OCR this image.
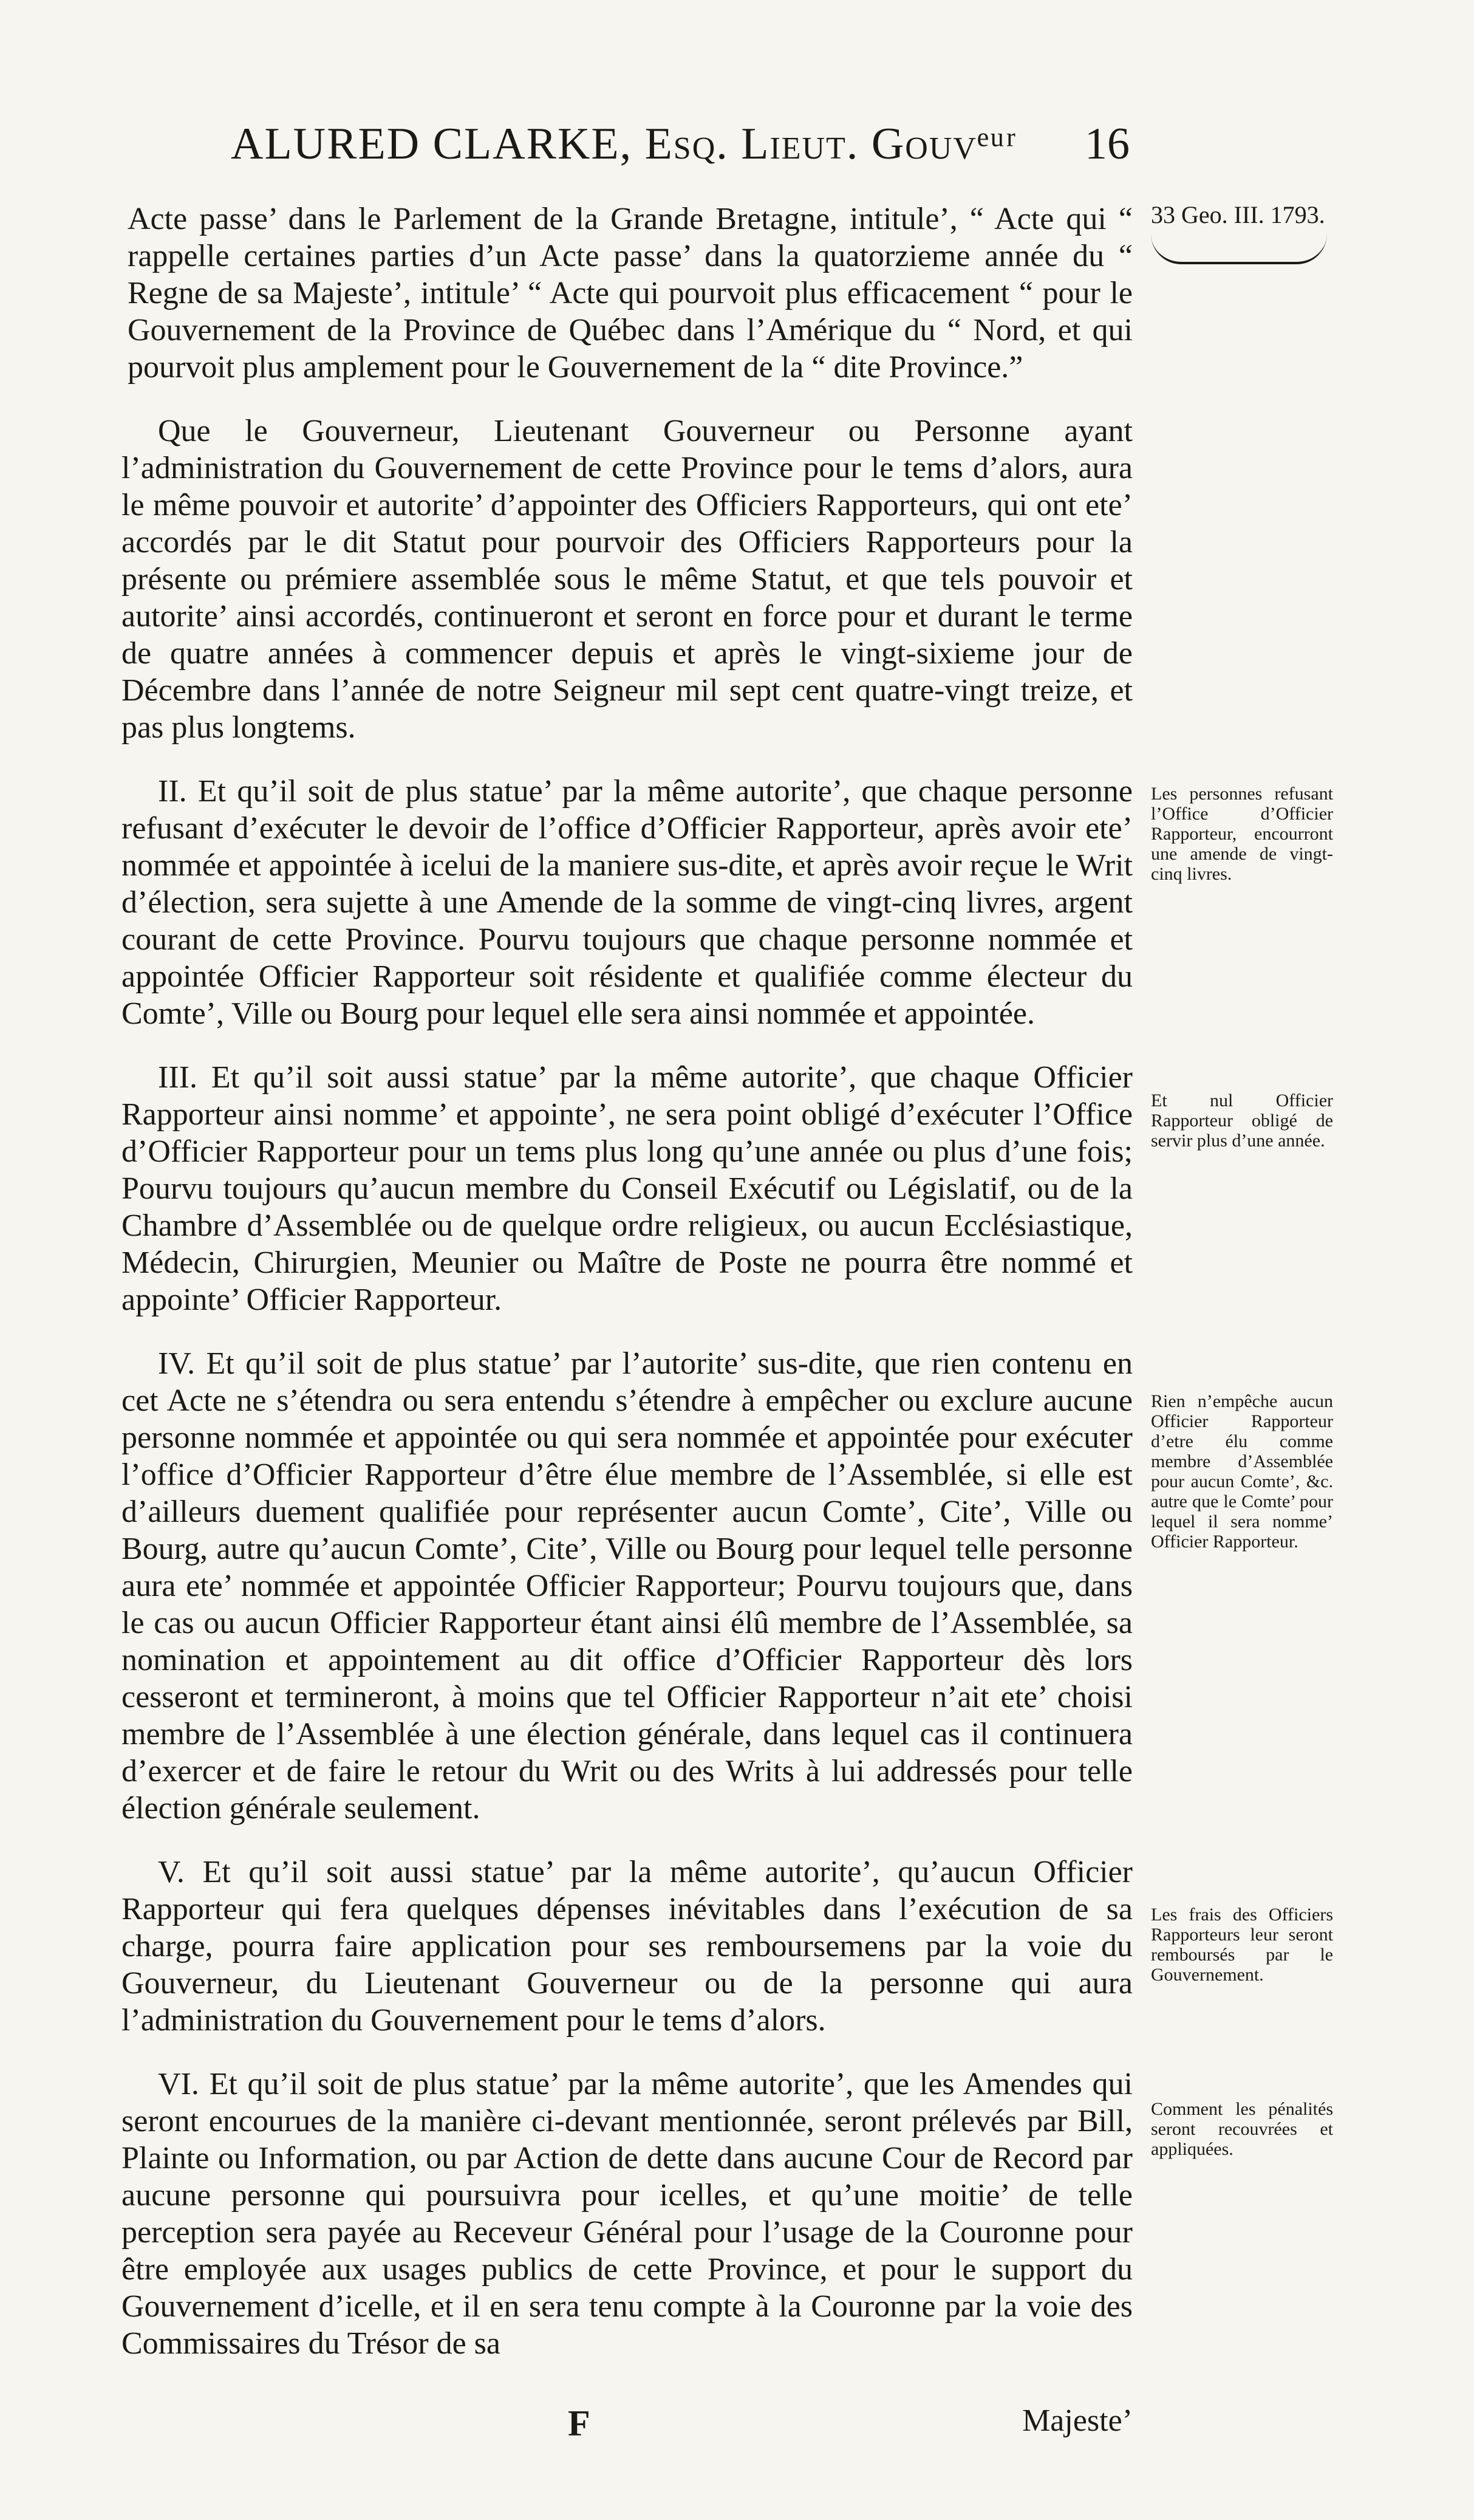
ALURED CLARKE, Esq. Lieut. Gouvᵉᵘʳ 16
33 Geo. III. 1793.

Acte passe’ dans le Parlement de la Grande Bretagne, intitule’, “ Acte qui “ rappelle certaines parties d’un Acte passe’ dans la quatorzieme année du “ Regne de sa Majeste’, intitule’ “ Acte qui pourvoit plus efficacement “ pour le Gouvernement de la Province de Québec dans l’Amérique du “ Nord, et qui pourvoit plus amplement pour le Gouvernement de la “ dite Province.”

Que le Gouverneur, Lieutenant Gouverneur ou Personne ayant l’administration du Gouvernement de cette Province pour le tems d’alors, aura le même pouvoir et autorite’ d’appointer des Officiers Rapporteurs, qui ont ete’ accordés par le dit Statut pour pourvoir des Officiers Rapporteurs pour la présente ou prémiere assemblée sous le même Statut, et que tels pouvoir et autorite’ ainsi accordés, continueront et seront en force pour et durant le terme de quatre années à commencer depuis et après le vingt-sixieme jour de Décembre dans l’année de notre Seigneur mil sept cent quatre-vingt treize, et pas plus longtems.

II. Et qu’il soit de plus statue’ par la même autorite’, que chaque personne refusant d’exécuter le devoir de l’office d’Officier Rapporteur, après avoir ete’ nommée et appointée à icelui de la maniere sus-dite, et après avoir reçue le Writ d’élection, sera sujette à une Amende de la somme de vingt-cinq livres, argent courant de cette Province. Pourvu toujours que chaque personne nommée et appointée Officier Rapporteur soit résidente et qualifiée comme électeur du Comte’, Ville ou Bourg pour lequel elle sera ainsi nommée et appointée.

III. Et qu’il soit aussi statue’ par la même autorite’, que chaque Officier Rapporteur ainsi nomme’ et appointe’, ne sera point obligé d’exécuter l’Office d’Officier Rapporteur pour un tems plus long qu’une année ou plus d’une fois; Pourvu toujours qu’aucun membre du Conseil Exécutif ou Législatif, ou de la Chambre d’Assemblée ou de quelque ordre religieux, ou aucun Ecclésiastique, Médecin, Chirurgien, Meunier ou Maître de Poste ne pourra être nommé et appointe’ Officier Rapporteur.

IV. Et qu’il soit de plus statue’ par l’autorite’ sus-dite, que rien contenu en cet Acte ne s’étendra ou sera entendu s’étendre à empêcher ou exclure aucune personne nommée et appointée ou qui sera nommée et appointée pour exécuter l’office d’Officier Rapporteur d’être élue membre de l’Assemblée, si elle est d’ailleurs duement qualifiée pour représenter aucun Comte’, Cite’, Ville ou Bourg, autre qu’aucun Comte’, Cite’, Ville ou Bourg pour lequel telle personne aura ete’ nommée et appointée Officier Rapporteur; Pourvu toujours que, dans le cas ou aucun Officier Rapporteur étant ainsi élû membre de l’Assemblée, sa nomination et appointement au dit office d’Officier Rapporteur dès lors cesseront et termineront, à moins que tel Officier Rapporteur n’ait ete’ choisi membre de l’Assemblée à une élection générale, dans lequel cas il continuera d’exercer et de faire le retour du Writ ou des Writs à lui addressés pour telle élection générale seulement.

V. Et qu’il soit aussi statue’ par la même autorite’, qu’aucun Officier Rapporteur qui fera quelques dépenses inévitables dans l’exécution de sa charge, pourra faire application pour ses remboursemens par la voie du Gouverneur, du Lieutenant Gouverneur ou de la personne qui aura l’administration du Gouvernement pour le tems d’alors.

VI. Et qu’il soit de plus statue’ par la même autorite’, que les Amendes qui seront encourues de la manière ci-devant mentionnée, seront prélevés par Bill, Plainte ou Information, ou par Action de dette dans aucune Cour de Record par aucune personne qui poursuivra pour icelles, et qu’une moitie’ de telle perception sera payée au Receveur Général pour l’usage de la Couronne pour être employée aux usages publics de cette Province, et pour le support du Gouvernement d’icelle, et il en sera tenu compte à la Couronne par la voie des Commissaires du Trésor de sa

Les personnes refusant l’Office d’Officier Rapporteur, encourront une amende de vingt-cinq livres.
Et nul Officier Rapporteur obligé de servir plus d’une année.
Rien n’empêche aucun Officier Rapporteur d’etre élu comme membre d’Assemblée pour aucun Comte’, &c. autre que le Comte’ pour lequel il sera nomme’ Officier Rapporteur.
Les frais des Officiers Rapporteurs leur seront remboursés par le Gouvernement.
Comment les pénalités seront recouvrées et appliquées.
F	Majeste’
